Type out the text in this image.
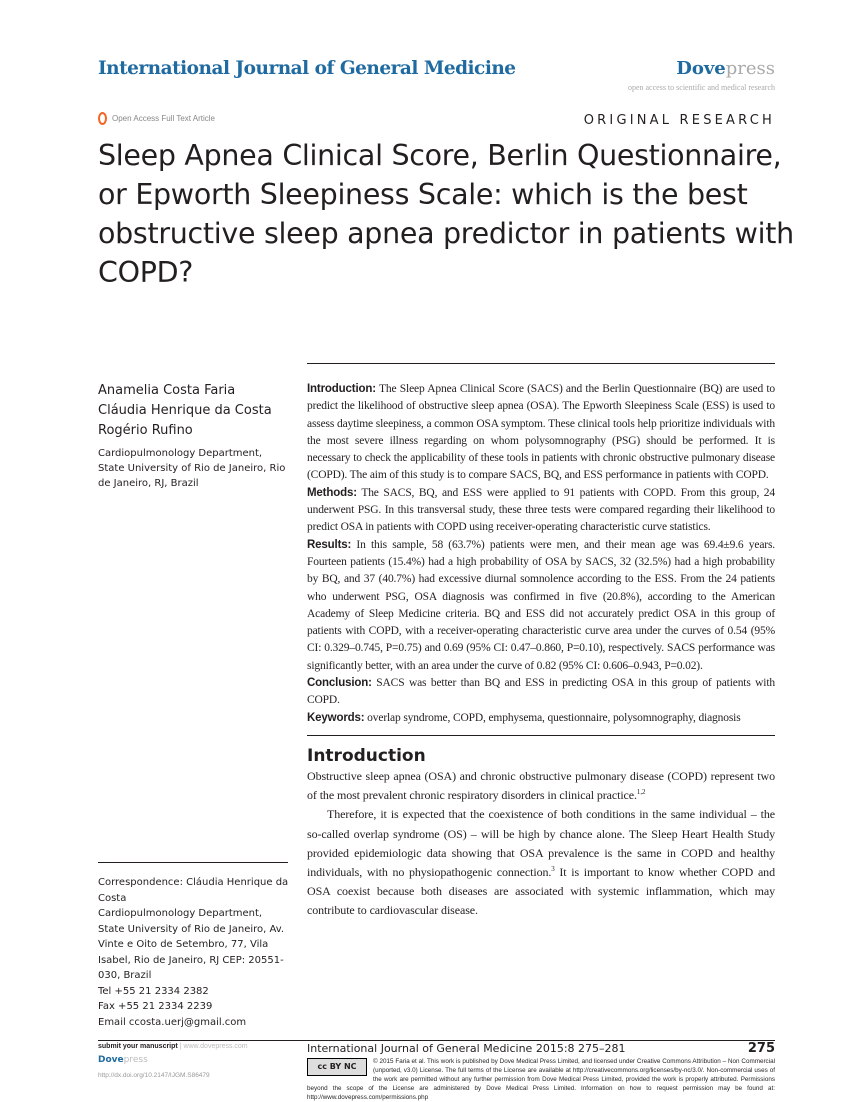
International Journal of General Medicine	Dovepress
open access to scientific and medical research
Open Access Full Text Article	ORIGINAL RESEARCH
Sleep Apnea Clinical Score, Berlin Questionnaire, or Epworth Sleepiness Scale: which is the best obstructive sleep apnea predictor in patients with COPD?
Anamelia Costa Faria
Cláudia Henrique da Costa
Rogério Rufino
Cardiopulmonology Department, State University of Rio de Janeiro, Rio de Janeiro, RJ, Brazil

Introduction: The Sleep Apnea Clinical Score (SACS) and the Berlin Questionnaire (BQ) are used to predict the likelihood of obstructive sleep apnea (OSA). The Epworth Sleepiness Scale (ESS) is used to assess daytime sleepiness, a common OSA symptom. These clinical tools help prioritize individuals with the most severe illness regarding on whom polysomnography (PSG) should be performed. It is necessary to check the applicability of these tools in patients with chronic obstructive pulmonary disease (COPD). The aim of this study is to compare SACS, BQ, and ESS performance in patients with COPD.

Methods: The SACS, BQ, and ESS were applied to 91 patients with COPD. From this group, 24 underwent PSG. In this transversal study, these three tests were compared regarding their likelihood to predict OSA in patients with COPD using receiver-operating characteristic curve statistics.

Results: In this sample, 58 (63.7%) patients were men, and their mean age was 69.4±9.6 years. Fourteen patients (15.4%) had a high probability of OSA by SACS, 32 (32.5%) had a high probability by BQ, and 37 (40.7%) had excessive diurnal somnolence according to the ESS. From the 24 patients who underwent PSG, OSA diagnosis was confirmed in five (20.8%), according to the American Academy of Sleep Medicine criteria. BQ and ESS did not accurately predict OSA in this group of patients with COPD, with a receiver-operating characteristic curve area under the curves of 0.54 (95% CI: 0.329–0.745, P=0.75) and 0.69 (95% CI: 0.47–0.860, P=0.10), respectively. SACS performance was significantly better, with an area under the curve of 0.82 (95% CI: 0.606–0.943, P=0.02).

Conclusion: SACS was better than BQ and ESS in predicting OSA in this group of patients with COPD.

Keywords: overlap syndrome, COPD, emphysema, questionnaire, polysomnography, diagnosis

Introduction

Obstructive sleep apnea (OSA) and chronic obstructive pulmonary disease (COPD) represent two of the most prevalent chronic respiratory disorders in clinical practice.$^{1,2}$

Therefore, it is expected that the coexistence of both conditions in the same individual – the so-called overlap syndrome (OS) – will be high by chance alone. The Sleep Heart Health Study provided epidemiologic data showing that OSA prevalence is the same in COPD and healthy individuals, with no physiopathogenic connection.$^3$ It is important to know whether COPD and OSA coexist because both diseases are associated with systemic inflammation, which may contribute to cardiovascular disease.

Correspondence: Cláudia Henrique da Costa
Cardiopulmonology Department, State University of Rio de Janeiro, Av. Vinte e Oito de Setembro, 77, Vila Isabel, Rio de Janeiro, RJ CEP: 20551-030, Brazil
Tel +55 21 2334 2382
Fax +55 21 2334 2239
Email ccosta.uerj@gmail.com
submit your manuscript | www.dovepress.com
Dovepress
http://dx.doi.org/10.2147/IJGM.S86479
International Journal of General Medicine 2015:8 275–281	275
cc BY NC
© 2015 Faria et al. This work is published by Dove Medical Press Limited, and licensed under Creative Commons Attribution – Non Commercial (unported, v3.0) License. The full terms of the License are available at http://creativecommons.org/licenses/by-nc/3.0/. Non-commercial uses of the work are permitted without any further permission from Dove Medical Press Limited, provided the work is properly attributed. Permissions beyond the scope of the License are administered by Dove Medical Press Limited. Information on how to request permission may be found at: http://www.dovepress.com/permissions.php
